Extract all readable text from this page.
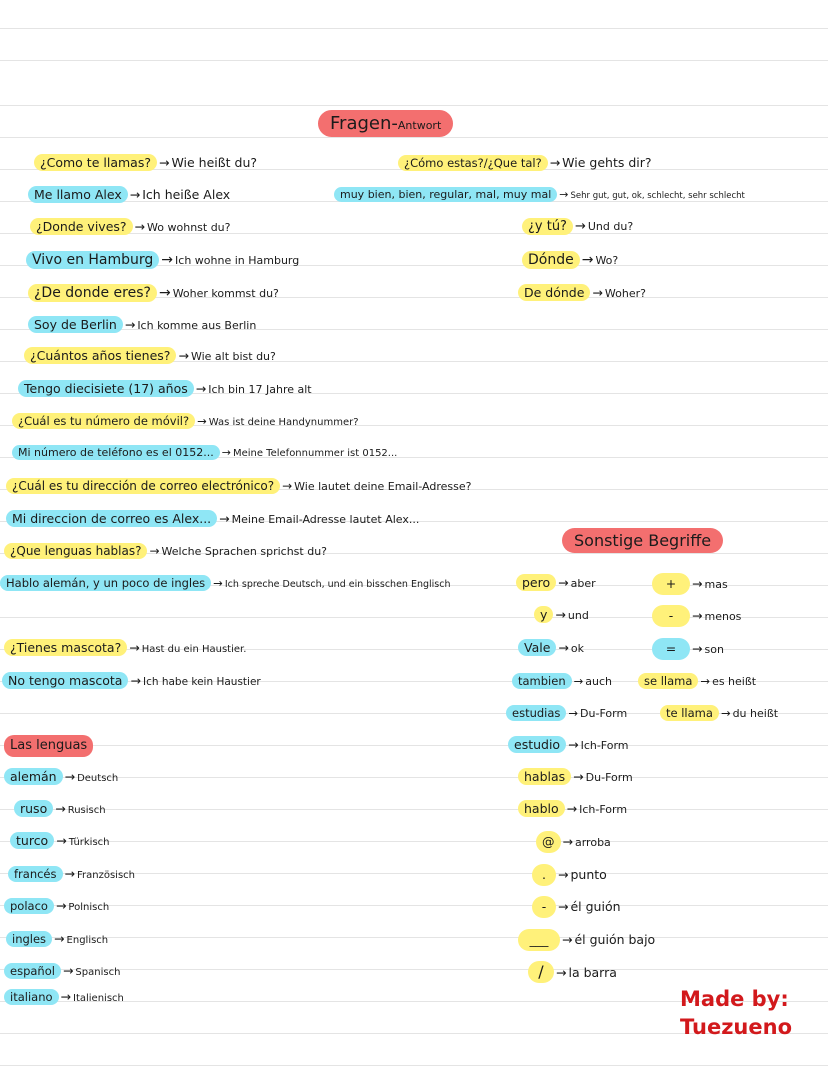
Fragen-Antwort
¿Como te llamas? → Wie heißt du?
Me llamo Alex → Ich heiße Alex
¿Donde vives? → Wo wohnst du?
Vivo en Hamburg → Ich wohne in Hamburg
¿De donde eres? → Woher kommst du?
Soy de Berlin → Ich komme aus Berlin
¿Cuántos años tienes? → Wie alt bist du?
Tengo diecisiete (17) años → Ich bin 17 Jahre alt
¿Cuál es tu número de móvil? → Was ist deine Handynummer?
Mi número de teléfono es el 0152... → Meine Telefonnummer ist 0152...
¿Cuál es tu dirección de correo electrónico? → Wie lautet deine Email-Adresse?
Mi direccion de correo es Alex... → Meine Email-Adresse lautet Alex...
¿Que lenguas hablas? → Welche Sprachen sprichst du?
Hablo alemán, y un poco de ingles → Ich spreche Deutsch, und ein bisschen Englisch
¿Tienes mascota? → Hast du ein Haustier.
No tengo mascota → Ich habe kein Haustier
¿Cómo estas?/¿Que tal? → Wie gehts dir?
muy bien, bien, regular, mal, muy mal → Sehr gut, gut, ok, schlecht, sehr schlecht
¿y tú? → Und du?
Dónde → Wo?
De dónde → Woher?
Sonstige Begriffe
pero → aber
y → und
Vale → ok
tambien → auch
estudias → Du-Form
estudio → Ich-Form
hablas → Du-Form
hablo → Ich-Form
+ → mas
- → menos
= → son
se llama → es heißt
te llama → du heißt
@ → arroba
. → punto
- → él guión
___ → él guión bajo
/ → la barra
Las lenguas
alemán → Deutsch
ruso → Rusisch
turco → Türkisch
francés → Französisch
polaco → Polnisch
ingles → Englisch
español → Spanisch
italiano → Italienisch	Made by:
Tuezueno
